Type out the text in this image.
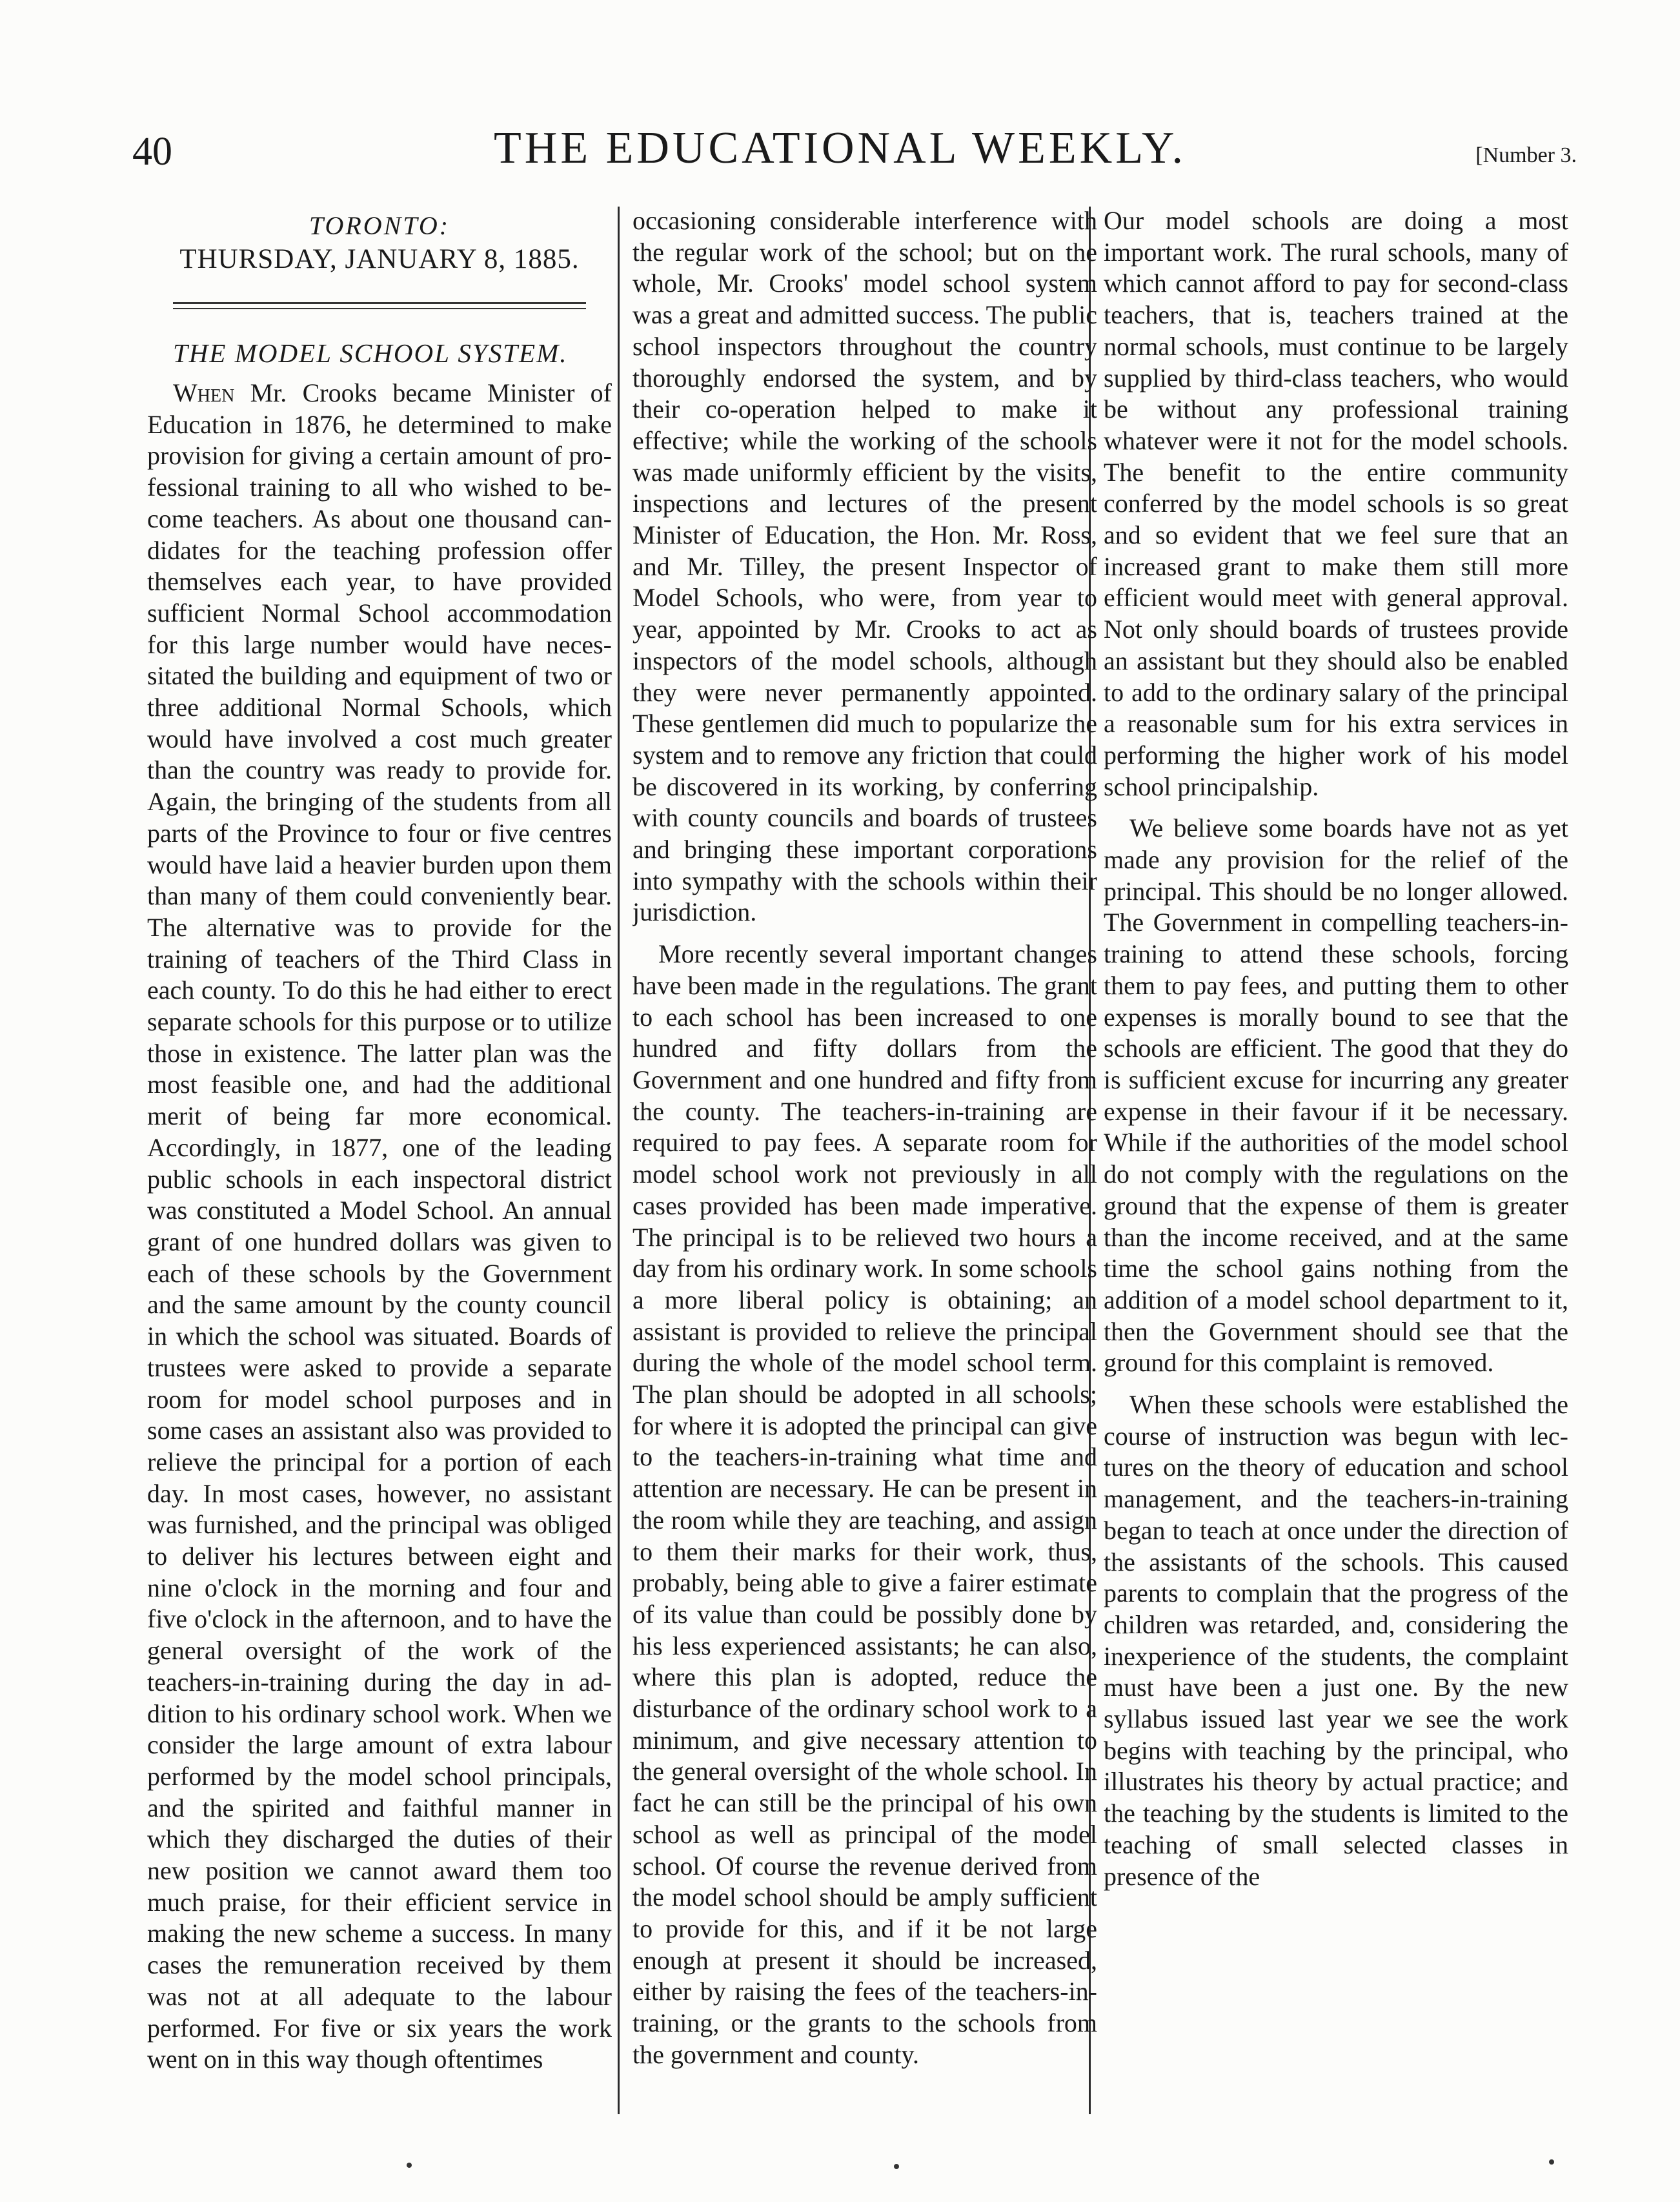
40	THE EDUCATIONAL WEEKLY.	[Number 3.
TORONTO:
THURSDAY, JANUARY 8, 1885.
THE MODEL SCHOOL SYSTEM.

When Mr. Crooks became Minister of Education in 1876, he determined to make provision for giving a certain amount of professional training to all who wished to become teachers. As about one thousand candidates for the teaching profession offer themselves each year, to have provided sufficient Normal School accommodation for this large number would have necessitated the building and equipment of two or three additional Normal Schools, which would have involved a cost much greater than the country was ready to provide for. Again, the bringing of the students from all parts of the Province to four or five centres would have laid a heavier burden upon them than many of them could conveniently bear. The alternative was to provide for the training of teachers of the Third Class in each county. To do this he had either to erect separate schools for this purpose or to utilize those in existence. The latter plan was the most feasible one, and had the additional merit of being far more economical. Accordingly, in 1877, one of the leading public schools in each inspectoral district was constituted a Model School. An annual grant of one hundred dollars was given to each of these schools by the Government and the same amount by the county council in which the school was situated. Boards of trustees were asked to provide a separate room for model school purposes and in some cases an assistant also was provided to relieve the principal for a portion of each day. In most cases, however, no assistant was furnished, and the principal was obliged to deliver his lectures between eight and nine o'clock in the morning and four and five o'clock in the afternoon, and to have the general oversight of the work of the teachers-in-training during the day in addition to his ordinary school work. When we consider the large amount of extra labour performed by the model school principals, and the spirited and faithful manner in which they discharged the duties of their new position we cannot award them too much praise, for their efficient service in making the new scheme a success. In many cases the remuneration received by them was not at all adequate to the labour performed. For five or six years the work went on in this way though oftentimes

occasioning considerable interference with the regular work of the school; but on the whole, Mr. Crooks' model school system was a great and admitted success. The public school inspectors throughout the country thoroughly endorsed the system, and by their co-operation helped to make it effective; while the working of the schools was made uniformly efficient by the visits, inspections and lectures of the present Minister of Education, the Hon. Mr. Ross, and Mr. Tilley, the present Inspector of Model Schools, who were, from year to year, appointed by Mr. Crooks to act as inspectors of the model schools, although they were never permanently appointed. These gentlemen did much to popularize the system and to remove any friction that could be discovered in its working, by conferring with county councils and boards of trustees and bringing these important corporations into sympathy with the schools within their jurisdiction.

More recently several important changes have been made in the regulations. The grant to each school has been increased to one hundred and fifty dollars from the Government and one hundred and fifty from the county. The teachers-in-training are required to pay fees. A separate room for model school work not previously in all cases provided has been made imperative. The principal is to be relieved two hours a day from his ordinary work. In some schools a more liberal policy is obtaining; an assistant is provided to relieve the principal during the whole of the model school term. The plan should be adopted in all schools; for where it is adopted the principal can give to the teachers-in-training what time and attention are necessary. He can be present in the room while they are teaching, and assign to them their marks for their work, thus, probably, being able to give a fairer estimate of its value than could be possibly done by his less experienced assistants; he can also, where this plan is adopted, reduce the disturbance of the ordinary school work to a minimum, and give necessary attention to the general oversight of the whole school. In fact he can still be the principal of his own school as well as principal of the model school. Of course the revenue derived from the model school should be amply sufficient to provide for this, and if it be not large enough at present it should be increased, either by raising the fees of the teachers-in-training, or the grants to the schools from the government and county.

Our model schools are doing a most important work. The rural schools, many of which cannot afford to pay for second-class teachers, that is, teachers trained at the normal schools, must continue to be largely supplied by third-class teachers, who would be without any professional training whatever were it not for the model schools. The benefit to the entire community conferred by the model schools is so great and so evident that we feel sure that an increased grant to make them still more efficient would meet with general approval. Not only should boards of trustees provide an assistant but they should also be enabled to add to the ordinary salary of the principal a reasonable sum for his extra services in performing the higher work of his model school principalship.

We believe some boards have not as yet made any provision for the relief of the principal. This should be no longer allowed. The Government in compelling teachers-in-training to attend these schools, forcing them to pay fees, and putting them to other expenses is morally bound to see that the schools are efficient. The good that they do is sufficient excuse for incurring any greater expense in their favour if it be necessary. While if the authorities of the model school do not comply with the regulations on the ground that the expense of them is greater than the income received, and at the same time the school gains nothing from the addition of a model school department to it, then the Government should see that the ground for this complaint is removed.

When these schools were established the course of instruction was begun with lectures on the theory of education and school management, and the teachers-in-training began to teach at once under the direction of the assistants of the schools. This caused parents to complain that the progress of the children was retarded, and, considering the inexperience of the students, the complaint must have been a just one. By the new syllabus issued last year we see the work begins with teaching by the principal, who illustrates his theory by actual practice; and the teaching by the students is limited to the teaching of small selected classes in presence of the
